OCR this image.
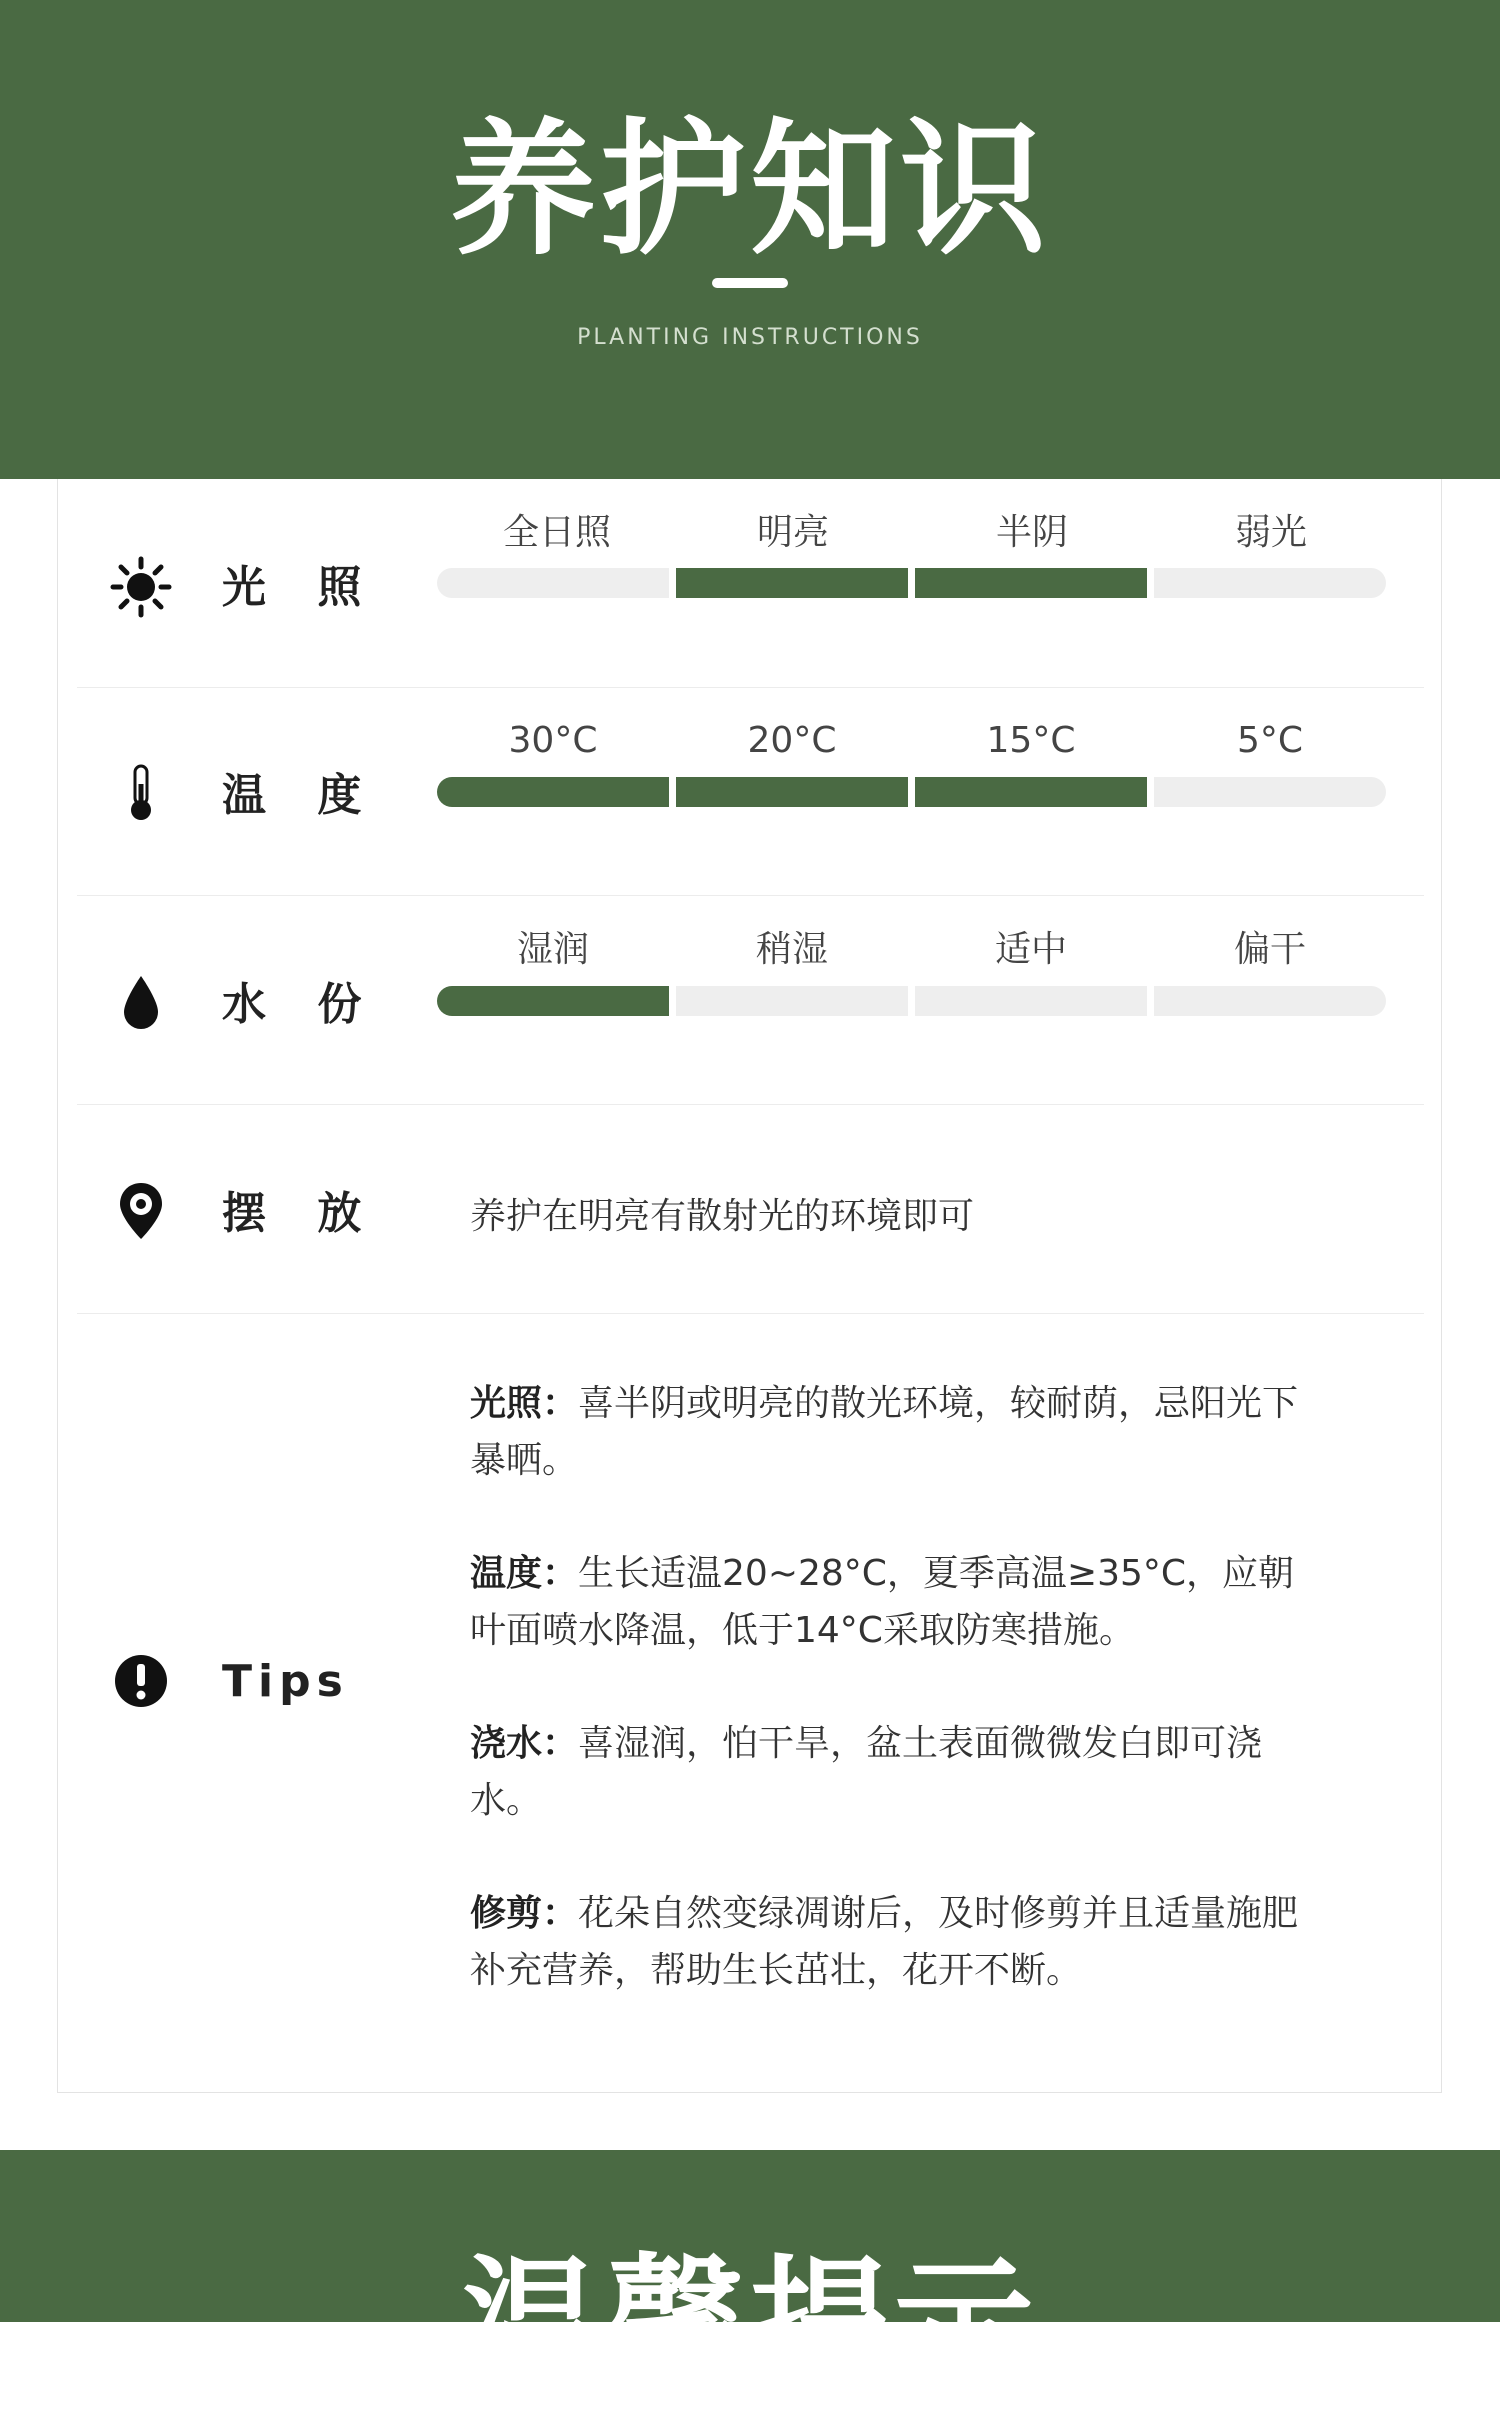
养护知识
PLANTING INSTRUCTIONS
光 照
全日照	明亮	半阴	弱光
温 度
30°C	20°C	15°C	5°C
水 份
湿润	稍湿	适中	偏干
摆 放	养护在明亮有散射光的环境即可
Tips

光照：喜半阴或明亮的散光环境，较耐荫，忌阳光下暴晒。

温度：生长适温20~28°C，夏季高温≥35°C，应朝叶面喷水降温，低于14°C采取防寒措施。

浇水：喜湿润，怕干旱，盆土表面微微发白即可浇水。

修剪：花朵自然变绿凋谢后，及时修剪并且适量施肥补充营养，帮助生长茁壮，花开不断。

温馨提示
